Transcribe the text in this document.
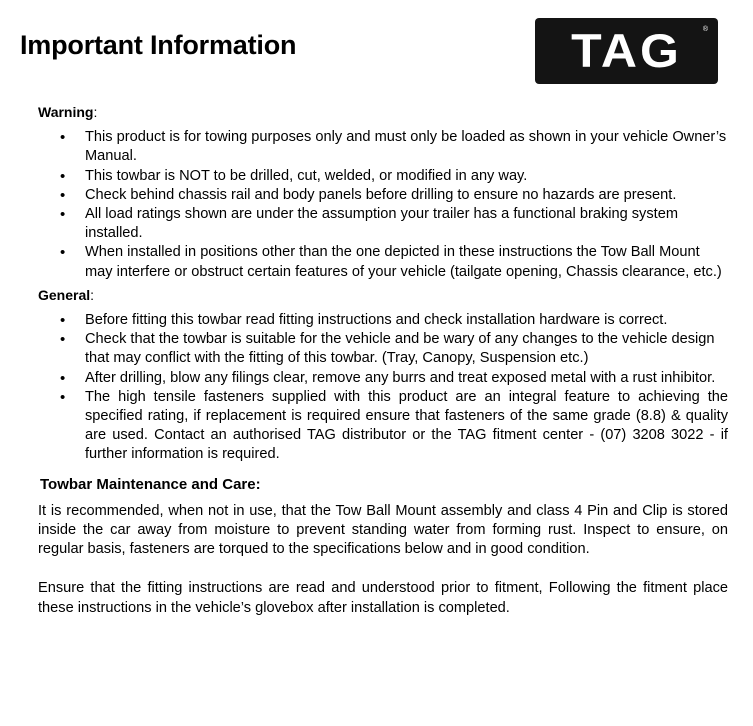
Important Information	TAG	®
Warning:
• This product is for towing purposes only and must only be loaded as shown in your vehicle Owner’s Manual.
• This towbar is NOT to be drilled, cut, welded, or modified in any way.
• Check behind chassis rail and body panels before drilling to ensure no hazards are present.
• All load ratings shown are under the assumption your trailer has a functional braking system installed.
• When installed in positions other than the one depicted in these instructions the Tow Ball Mount may interfere or obstruct certain features of your vehicle (tailgate opening, Chassis clearance, etc.)
General:
• Before fitting this towbar read fitting instructions and check installation hardware is correct.
• Check that the towbar is suitable for the vehicle and be wary of any changes to the vehicle design that may conflict with the fitting of this towbar. (Tray, Canopy, Suspension etc.)
• After drilling, blow any filings clear, remove any burrs and treat exposed metal with a rust inhibitor.
• The high tensile fasteners supplied with this product are an integral feature to achieving the specified rating, if replacement is required ensure that fasteners of the same grade (8.8) & quality are used. Contact an authorised TAG distributor or the TAG fitment center - (07) 3208 3022 - if further information is required.
Towbar Maintenance and Care:

It is recommended, when not in use, that the Tow Ball Mount assembly and class 4 Pin and Clip is stored inside the car away from moisture to prevent standing water from forming rust. Inspect to ensure, on regular basis, fasteners are torqued to the specifications below and in good condition.

Ensure that the fitting instructions are read and understood prior to fitment, Following the fitment place these instructions in the vehicle’s glovebox after installation is completed.
